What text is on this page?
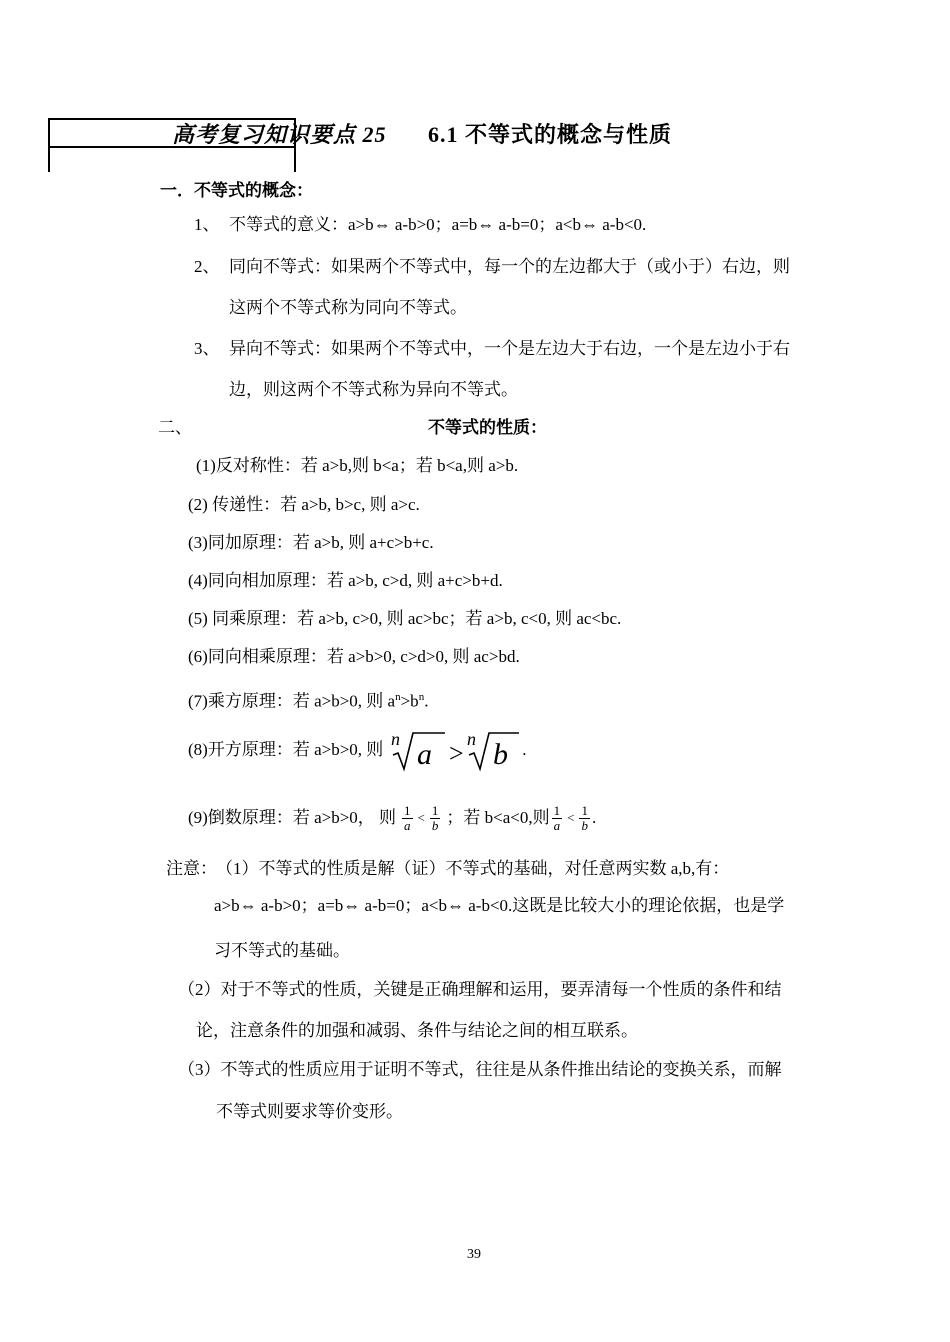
高考复习知识要点 25 6.1 不等式的概念与性质
一．不等式的概念：
1、 不等式的意义：a>b⇔ a-b>0；a=b⇔ a-b=0；a<b⇔ a-b<0.
2、 同向不等式：如果两个不等式中，每一个的左边都大于（或小于）右边，则
这两个不等式称为同向不等式。
3、 异向不等式：如果两个不等式中，一个是左边大于右边，一个是左边小于右
边，则这两个不等式称为异向不等式。
二、	不等式的性质：
(1)反对称性：若 a>b,则 b<a；若 b<a,则 a>b.
(2) 传递性：若 a>b, b>c, 则 a>c.
(3)同加原理：若 a>b, 则 a+c>b+c.
(4)同向相加原理：若 a>b, c>d, 则 a+c>b+d.
(5) 同乘原理：若 a>b, c>0, 则 ac>bc；若 a>b, c<0, 则 ac<bc.
(6)同向相乘原理：若 a>b>0, c>d>0, 则 ac>bd.
(7)乘方原理：若 a>b>0, 则 $a^n>b^n$.
(8)开方原理：若 a>b>0, 则
n a > n b .
(9)倒数原理：若 a>b>0， 则 $\frac{1}{a} < \frac{1}{b}$ ；若 b<a<0,则 $\frac{1}{a} < \frac{1}{b}$ .
注意： （1）不等式的性质是解（证）不等式的基础，对任意两实数 a,b,有：
a>b⇔ a-b>0；a=b⇔ a-b=0；a<b⇔ a-b<0.这既是比较大小的理论依据，也是学
习不等式的基础。
（2）对于不等式的性质，关键是正确理解和运用，要弄清每一个性质的条件和结
论，注意条件的加强和减弱、条件与结论之间的相互联系。
（3）不等式的性质应用于证明不等式，往往是从条件推出结论的变换关系，而解
不等式则要求等价变形。
39
